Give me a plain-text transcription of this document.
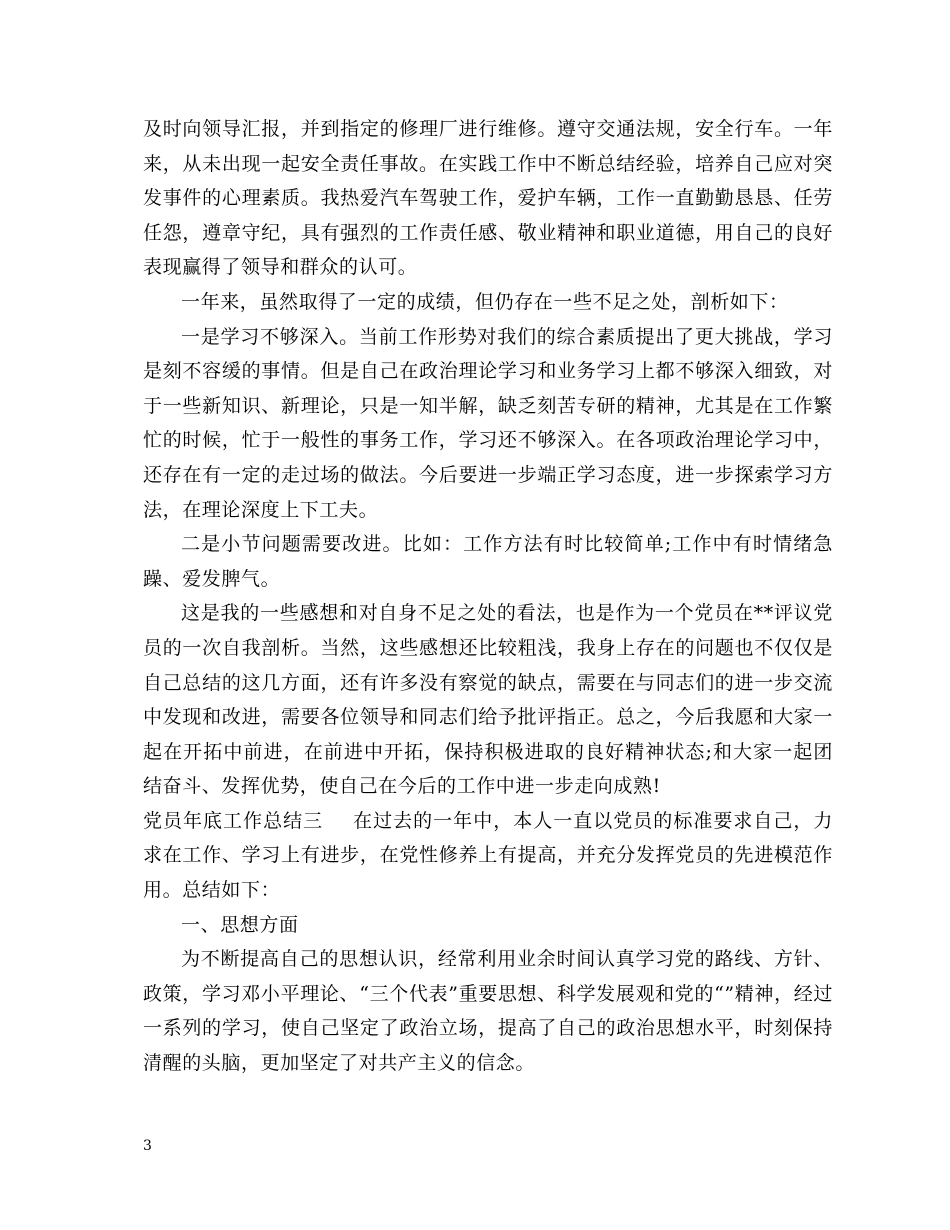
及时向领导汇报，并到指定的修理厂进行维修。遵守交通法规，安全行车。一年来，从未出现一起安全责任事故。在实践工作中不断总结经验，培养自己应对突发事件的心理素质。我热爱汽车驾驶工作，爱护车辆，工作一直勤勤恳恳、任劳任怨，遵章守纪，具有强烈的工作责任感、敬业精神和职业道德，用自己的良好表现赢得了领导和群众的认可。

一年来，虽然取得了一定的成绩，但仍存在一些不足之处，剖析如下：

一是学习不够深入。当前工作形势对我们的综合素质提出了更大挑战，学习是刻不容缓的事情。但是自己在政治理论学习和业务学习上都不够深入细致，对于一些新知识、新理论，只是一知半解，缺乏刻苦专研的精神，尤其是在工作繁忙的时候，忙于一般性的事务工作，学习还不够深入。在各项政治理论学习中，还存在有一定的走过场的做法。今后要进一步端正学习态度，进一步探索学习方法，在理论深度上下工夫。

二是小节问题需要改进。比如：工作方法有时比较简单;工作中有时情绪急躁、爱发脾气。

这是我的一些感想和对自身不足之处的看法，也是作为一个党员在**评议党员的一次自我剖析。当然，这些感想还比较粗浅，我身上存在的问题也不仅仅是自己总结的这几方面，还有许多没有察觉的缺点，需要在与同志们的进一步交流中发现和改进，需要各位领导和同志们给予批评指正。总之，今后我愿和大家一起在开拓中前进，在前进中开拓，保持积极进取的良好精神状态;和大家一起团结奋斗、发挥优势，使自己在今后的工作中进一步走向成熟!

党员年底工作总结三 在过去的一年中，本人一直以党员的标准要求自己，力求在工作、学习上有进步，在党性修养上有提高，并充分发挥党员的先进模范作用。总结如下：

一、思想方面

为不断提高自己的思想认识，经常利用业余时间认真学习党的路线、方针、政策，学习邓小平理论、“三个代表”重要思想、科学发展观和党的“”精神，经过一系列的学习，使自己坚定了政治立场，提高了自己的政治思想水平，时刻保持清醒的头脑，更加坚定了对共产主义的信念。

3
